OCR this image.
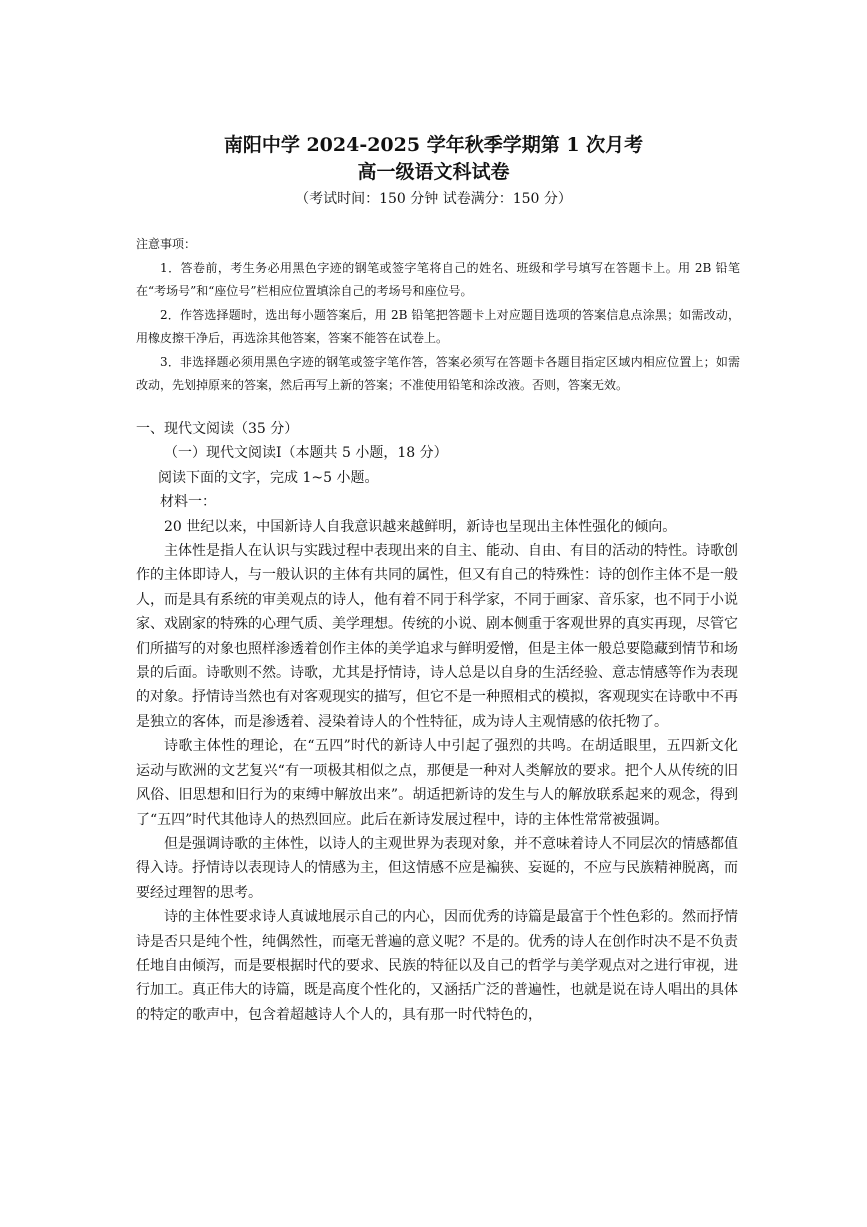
南阳中学 2024-2025 学年秋季学期第 1 次月考
高一级语文科试卷
（考试时间：150 分钟 试卷满分：150 分）
注意事项：
1．答卷前，考生务必用黑色字迹的钢笔或签字笔将自己的姓名、班级和学号填写在答题卡上。用 2B 铅笔在“考场号”和“座位号”栏相应位置填涂自己的考场号和座位号。
2．作答选择题时，选出每小题答案后，用 2B 铅笔把答题卡上对应题目选项的答案信息点涂黑；如需改动，用橡皮擦干净后，再选涂其他答案，答案不能答在试卷上。
3．非选择题必须用黑色字迹的钢笔或签字笔作答，答案必须写在答题卡各题目指定区域内相应位置上；如需改动，先划掉原来的答案，然后再写上新的答案；不准使用铅笔和涂改液。否则，答案无效。
一、现代文阅读（35 分）
（一）现代文阅读Ⅰ（本题共 5 小题，18 分）
阅读下面的文字，完成 1~5 小题。
材料一：
20 世纪以来，中国新诗人自我意识越来越鲜明，新诗也呈现出主体性强化的倾向。
主体性是指人在认识与实践过程中表现出来的自主、能动、自由、有目的活动的特性。诗歌创作的主体即诗人，与一般认识的主体有共同的属性，但又有自己的特殊性：诗的创作主体不是一般人，而是具有系统的审美观点的诗人，他有着不同于科学家，不同于画家、音乐家，也不同于小说家、戏剧家的特殊的心理气质、美学理想。传统的小说、剧本侧重于客观世界的真实再现，尽管它们所描写的对象也照样渗透着创作主体的美学追求与鲜明爱憎，但是主体一般总要隐藏到情节和场景的后面。诗歌则不然。诗歌，尤其是抒情诗，诗人总是以自身的生活经验、意志情感等作为表现的对象。抒情诗当然也有对客观现实的描写，但它不是一种照相式的模拟，客观现实在诗歌中不再是独立的客体，而是渗透着、浸染着诗人的个性特征，成为诗人主观情感的依托物了。
诗歌主体性的理论，在“五四”时代的新诗人中引起了强烈的共鸣。在胡适眼里，五四新文化运动与欧洲的文艺复兴“有一项极其相似之点，那便是一种对人类解放的要求。把个人从传统的旧风俗、旧思想和旧行为的束缚中解放出来”。胡适把新诗的发生与人的解放联系起来的观念，得到了“五四”时代其他诗人的热烈回应。此后在新诗发展过程中，诗的主体性常常被强调。
但是强调诗歌的主体性，以诗人的主观世界为表现对象，并不意味着诗人不同层次的情感都值得入诗。抒情诗以表现诗人的情感为主，但这情感不应是褊狭、妄诞的，不应与民族精神脱离，而要经过理智的思考。
诗的主体性要求诗人真诚地展示自己的内心，因而优秀的诗篇是最富于个性色彩的。然而抒情诗是否只是纯个性，纯偶然性，而毫无普遍的意义呢？不是的。优秀的诗人在创作时决不是不负责任地自由倾泻，而是要根据时代的要求、民族的特征以及自己的哲学与美学观点对之进行审视，进行加工。真正伟大的诗篇，既是高度个性化的，又涵括广泛的普遍性，也就是说在诗人唱出的具体的特定的歌声中，包含着超越诗人个人的，具有那一时代特色的，
